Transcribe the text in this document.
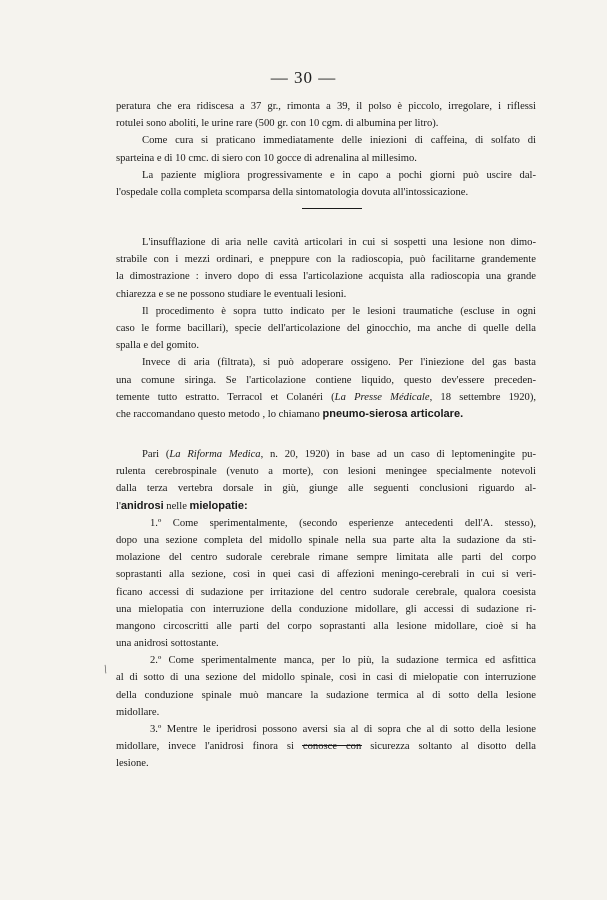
— 30 —
peratura che era ridiscesa a 37 gr., rimonta a 39, il polso è piccolo, irregolare, i riflessi
rotulei sono aboliti, le urine rare (500 gr. con 10 cgm. di albumina per litro).
Come cura si praticano immediatamente delle iniezioni di caffeina, di solfato di
sparteina e di 10 cmc. di siero con 10 gocce di adrenalina al millesimo.
La paziente migliora progressivamente e in capo a pochi giorni può uscire dal-
l'ospedale colla completa scomparsa della sintomatologia dovuta all'intossicazione.
L'insufflazione di aria nelle cavità articolari in cui si sospetti una lesione non dimo-
strabile con i mezzi ordinari, e pneppure con la radioscopia, può facilitarne grandemente
la dimostrazione : invero dopo di essa l'articolazione acquista alla radioscopia una grande
chiarezza e se ne possono studiare le eventuali lesioni.
Il procedimento è sopra tutto indicato per le lesioni traumatiche (escluse in ogni
caso le forme bacillari), specie dell'articolazione del ginocchio, ma anche di quelle della
spalla e del gomito.
Invece di aria (filtrata), si può adoperare ossigeno. Per l'iniezione del gas basta
una comune siringa. Se l'articolazione contiene liquido, questo dev'essere preceden-
temente tutto estratto. Terracol et Colanéri (La Presse Médicale, 18 settembre 1920),
che raccomandano questo metodo , lo chiamano pneumo-sierosa articolare.
Pari (La Riforma Medica, n. 20, 1920) in base ad un caso di leptomeningite pu-
rulenta cerebrospinale (venuto a morte), con lesioni meningee specialmente notevoli
dalla terza vertebra dorsale in giù, giunge alle seguenti conclusioni riguardo al-
l'anidrosi nelle mielopatie:
1.º Come sperimentalmente, (secondo esperienze antecedenti dell'A. stesso),
dopo una sezione completa del midollo spinale nella sua parte alta la sudazione da sti-
molazione del centro sudorale cerebrale rimane sempre limitata alle parti del corpo
soprastanti alla sezione, così in quei casi di affezioni meningo-cerebrali in cui si veri-
ficano accessi di sudazione per irritazione del centro sudorale cerebrale, qualora coesista
una mielopatia con interruzione della conduzione midollare, gli accessi di sudazione ri-
mangono circoscritti alle parti del corpo soprastanti alla lesione midollare, cioè si ha
una anidrosi sottostante.
2.º Come sperimentalmente manca, per lo più, la sudazione termica ed asfittica
al di sotto di una sezione del midollo spinale, così in casi di mielopatie con interruzione
della conduzione spinale muò mancare la sudazione termica al di sotto della lesione
midollare.
3.º Mentre le iperidrosi possono aversi sia al di sopra che al di sotto della lesione
midollare, invece l'anidrosi finora si conosce con sicurezza soltanto al disotto della
lesione.
/
